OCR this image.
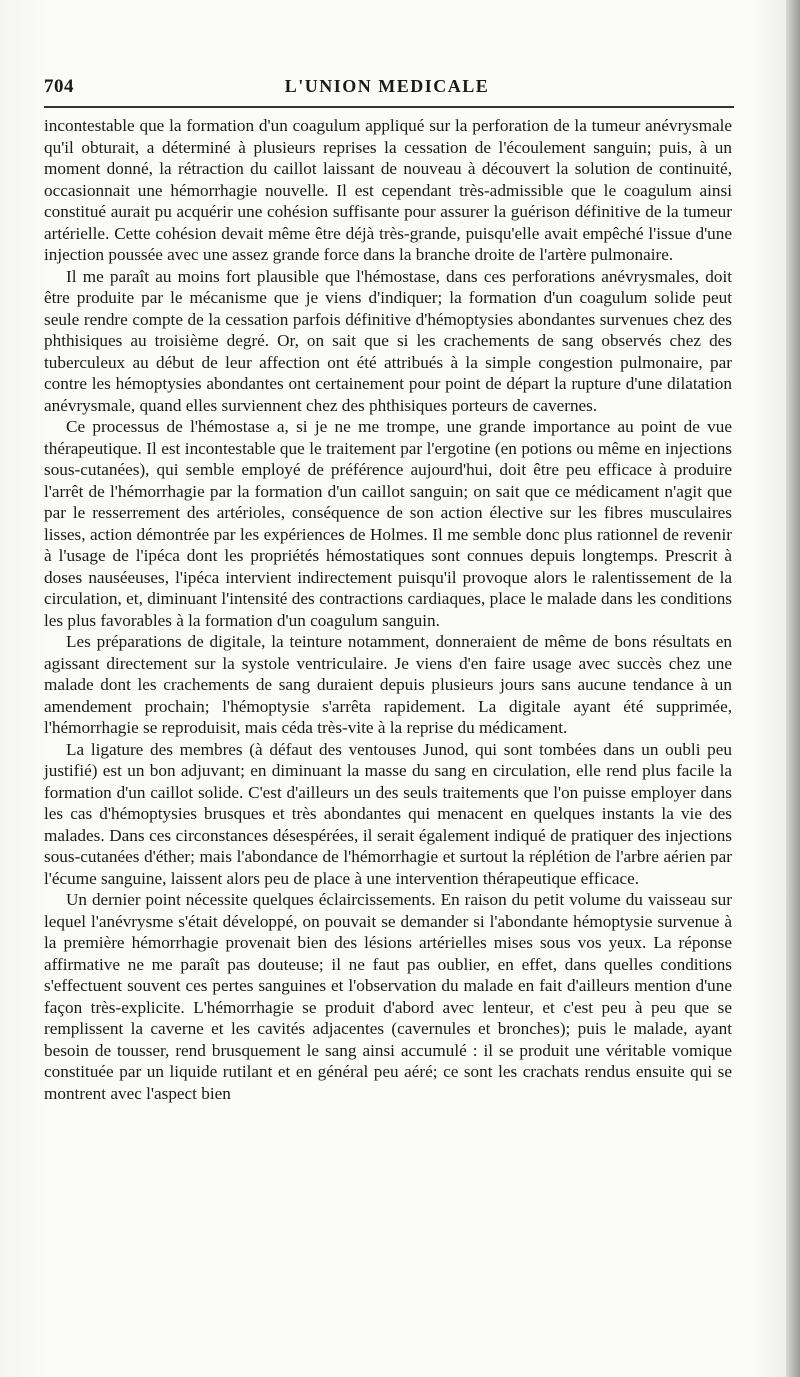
704	L'UNION MEDICALE

incontestable que la formation d'un coagulum appliqué sur la perforation de la tumeur anévrysmale qu'il obturait, a déterminé à plusieurs reprises la cessation de l'écoulement sanguin; puis, à un moment donné, la rétraction du caillot laissant de nouveau à découvert la solution de continuité, occasionnait une hémorrhagie nouvelle. Il est cependant très-admissible que le coagulum ainsi constitué aurait pu acquérir une cohésion suffisante pour assurer la guérison définitive de la tumeur artérielle. Cette cohésion devait même être déjà très-grande, puisqu'elle avait empêché l'issue d'une injection poussée avec une assez grande force dans la branche droite de l'artère pulmonaire.

Il me paraît au moins fort plausible que l'hémostase, dans ces perforations anévrysmales, doit être produite par le mécanisme que je viens d'indiquer; la formation d'un coagulum solide peut seule rendre compte de la cessation parfois définitive d'hémoptysies abondantes survenues chez des phthisiques au troisième degré. Or, on sait que si les crachements de sang observés chez des tuberculeux au début de leur affection ont été attribués à la simple congestion pulmonaire, par contre les hémoptysies abondantes ont certainement pour point de départ la rupture d'une dilatation anévrysmale, quand elles surviennent chez des phthisiques porteurs de cavernes.

Ce processus de l'hémostase a, si je ne me trompe, une grande importance au point de vue thérapeutique. Il est incontestable que le traitement par l'ergotine (en potions ou même en injections sous-cutanées), qui semble employé de préférence aujourd'hui, doit être peu efficace à produire l'arrêt de l'hémorrhagie par la formation d'un caillot sanguin; on sait que ce médicament n'agit que par le resserrement des artérioles, conséquence de son action élective sur les fibres musculaires lisses, action démontrée par les expériences de Holmes. Il me semble donc plus rationnel de revenir à l'usage de l'ipéca dont les propriétés hémostatiques sont connues depuis longtemps. Prescrit à doses nauséeuses, l'ipéca intervient indirectement puisqu'il provoque alors le ralentissement de la circulation, et, diminuant l'intensité des contractions cardiaques, place le malade dans les conditions les plus favorables à la formation d'un coagulum sanguin.

Les préparations de digitale, la teinture notamment, donneraient de même de bons résultats en agissant directement sur la systole ventriculaire. Je viens d'en faire usage avec succès chez une malade dont les crachements de sang duraient depuis plusieurs jours sans aucune tendance à un amendement prochain; l'hémoptysie s'arrêta rapidement. La digitale ayant été supprimée, l'hémorrhagie se reproduisit, mais céda très-vite à la reprise du médicament.

La ligature des membres (à défaut des ventouses Junod, qui sont tombées dans un oubli peu justifié) est un bon adjuvant; en diminuant la masse du sang en circulation, elle rend plus facile la formation d'un caillot solide. C'est d'ailleurs un des seuls traitements que l'on puisse employer dans les cas d'hémoptysies brusques et très abondantes qui menacent en quelques instants la vie des malades. Dans ces circonstances désespérées, il serait également indiqué de pratiquer des injections sous-cutanées d'éther; mais l'abondance de l'hémorrhagie et surtout la réplétion de l'arbre aérien par l'écume sanguine, laissent alors peu de place à une intervention thérapeutique efficace.

Un dernier point nécessite quelques éclaircissements. En raison du petit volume du vaisseau sur lequel l'anévrysme s'était développé, on pouvait se demander si l'abondante hémoptysie survenue à la première hémorrhagie provenait bien des lésions artérielles mises sous vos yeux. La réponse affirmative ne me paraît pas douteuse; il ne faut pas oublier, en effet, dans quelles conditions s'effectuent souvent ces pertes sanguines et l'observation du malade en fait d'ailleurs mention d'une façon très-explicite. L'hémorrhagie se produit d'abord avec lenteur, et c'est peu à peu que se remplissent la caverne et les cavités adjacentes (cavernules et bronches); puis le malade, ayant besoin de tousser, rend brusquement le sang ainsi accumulé : il se produit une véritable vomique constituée par un liquide rutilant et en général peu aéré; ce sont les crachats rendus ensuite qui se montrent avec l'aspect bien
